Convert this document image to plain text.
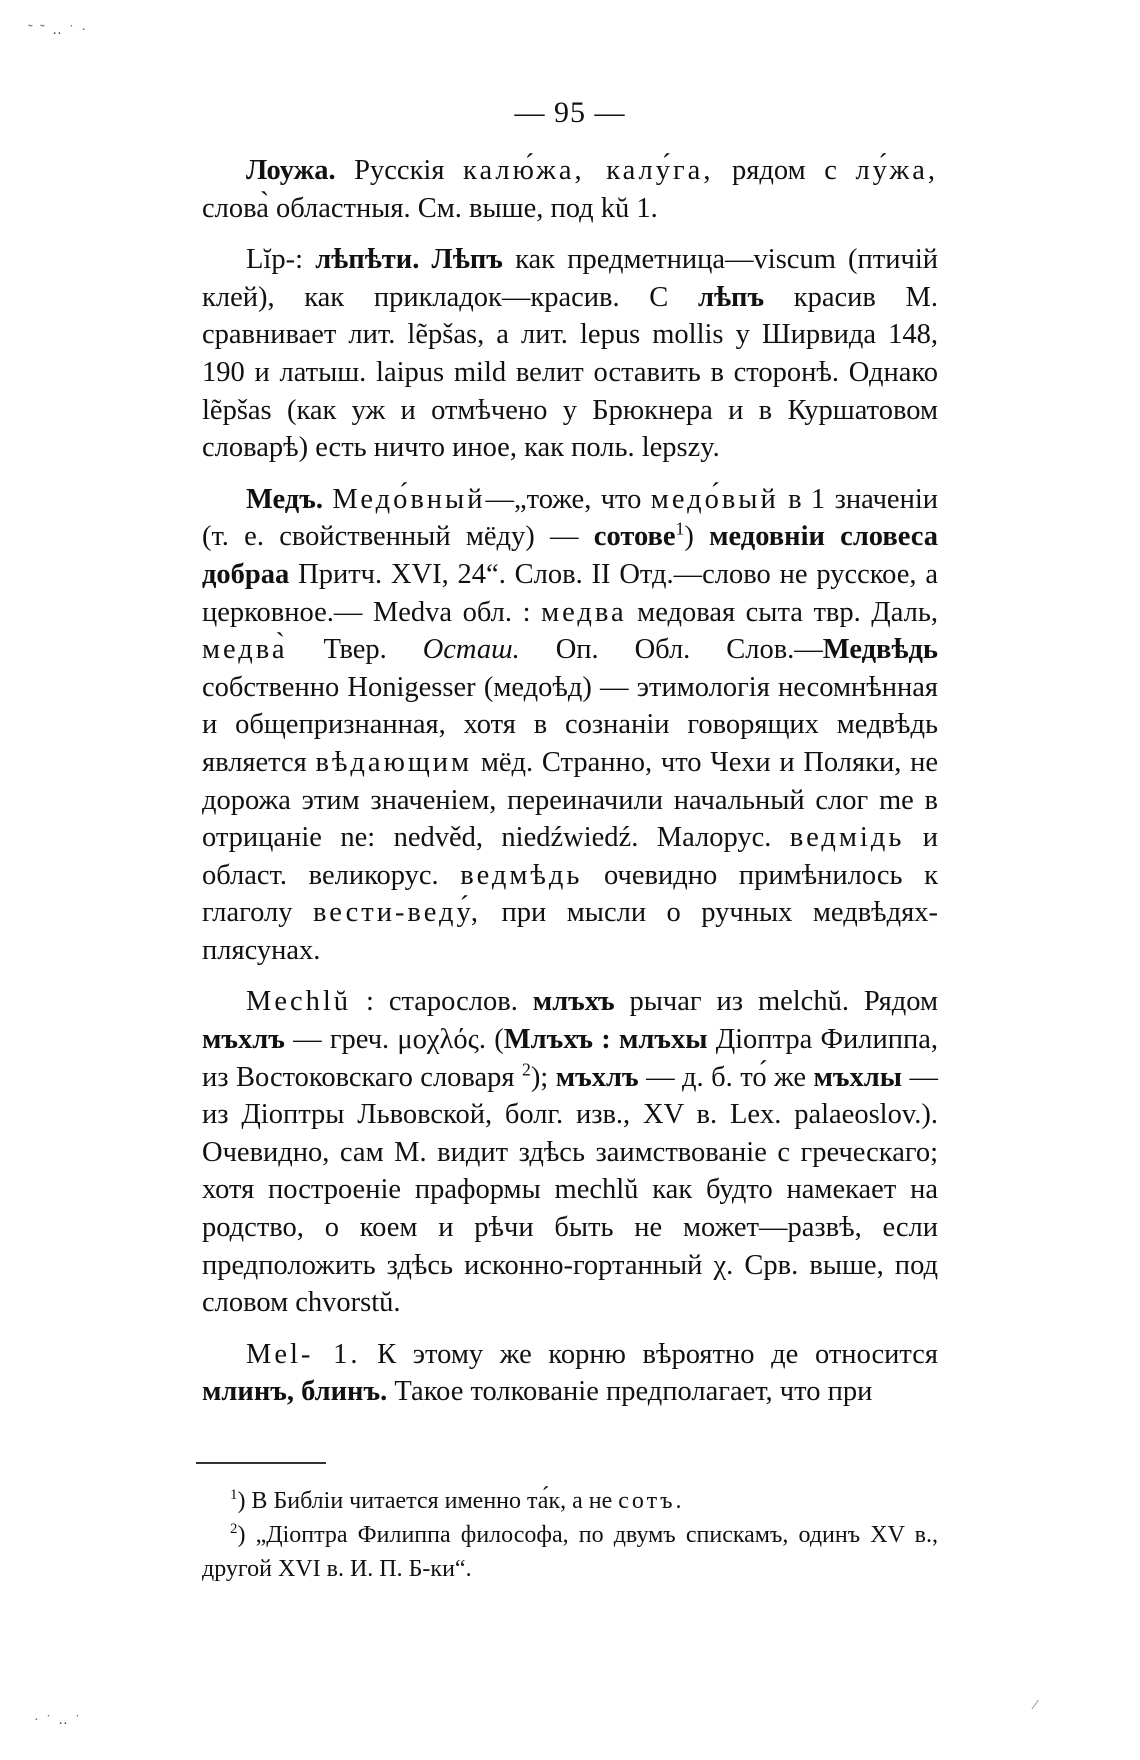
˜ ˜ ‥ ˙ ·
· ˙ ‥ ˙
⁄
— 95 —

Лоужа. Русскія калю́жа, калу́га, рядом с лу́жа, слова̀ областныя. См. выше, под kŭ 1.

Lĭp-: лѣпѣти. Лѣпъ как предметница—viscum (птичій клей), как прикладок—красив. С лѣпъ красив М. сравнивает лит. lẽpšas, а лит. lepus mollis у Ширвида 148, 190 и латыш. laipus mild велит оставить в сторонѣ. Однако lẽpšas (как уж и отмѣчено у Брюкнера и в Куршатовом словарѣ) есть ничто иное, как поль. lepszy.

Медъ. Медо́вный—„тоже, что медо́вый в 1 значеніи (т. е. свойственный мёду) — сотове$^1$) медовніи словеса добраа Притч. XVI, 24“. Слов. II Отд.—слово не русское, а церковное.— Medva обл. : медва медовая сыта твр. Даль, медва̀ Твер. Осташ. Оп. Обл. Слов.—Медвѣдь собственно Honigesser (медоѣд) — этимологія несомнѣнная и общепризнанная, хотя в сознаніи говорящих медвѣдь является вѣдающим мёд. Странно, что Чехи и Поляки, не дорожа этим значеніем, переиначили начальный слог me в отрицаніе ne: nedvěd, niedźwiedź. Малорус. ведмідь и област. великорус. ведмѣдь очевидно примѣнилось к глаголу вести-веду́, при мысли о ручных медвѣдях-плясунах.

Mechlŭ : старослов. млъхъ рычаг из melchŭ. Рядом мъхлъ — греч. μοχλός. (Млъхъ : млъхы Діоптра Филиппа, из Востоковскаго словаря $^2$); мъхлъ — д. б. то́ же мъхлы — из Діоптры Львовской, болг. изв., XV в. Lex. palaeoslov.). Очевидно, сам М. видит здѣсь заимствованіе с греческаго; хотя построеніе праформы mechlŭ как будто намекает на родство, о коем и рѣчи быть не может—развѣ, если предположить здѣсь исконно-гортанный χ. Срв. выше, под словом chvorstŭ.

Mel- 1. К этому же корню вѣроятно де относится млинъ, блинъ. Такое толкованіе предполагает, что при

$^1$) В Библіи читается именно та́к, а не сотъ.

$^2$) „Діоптра Филиппа философа, по двумъ спискамъ, одинъ XV в., другой XVI в. И. П. Б-ки“.
